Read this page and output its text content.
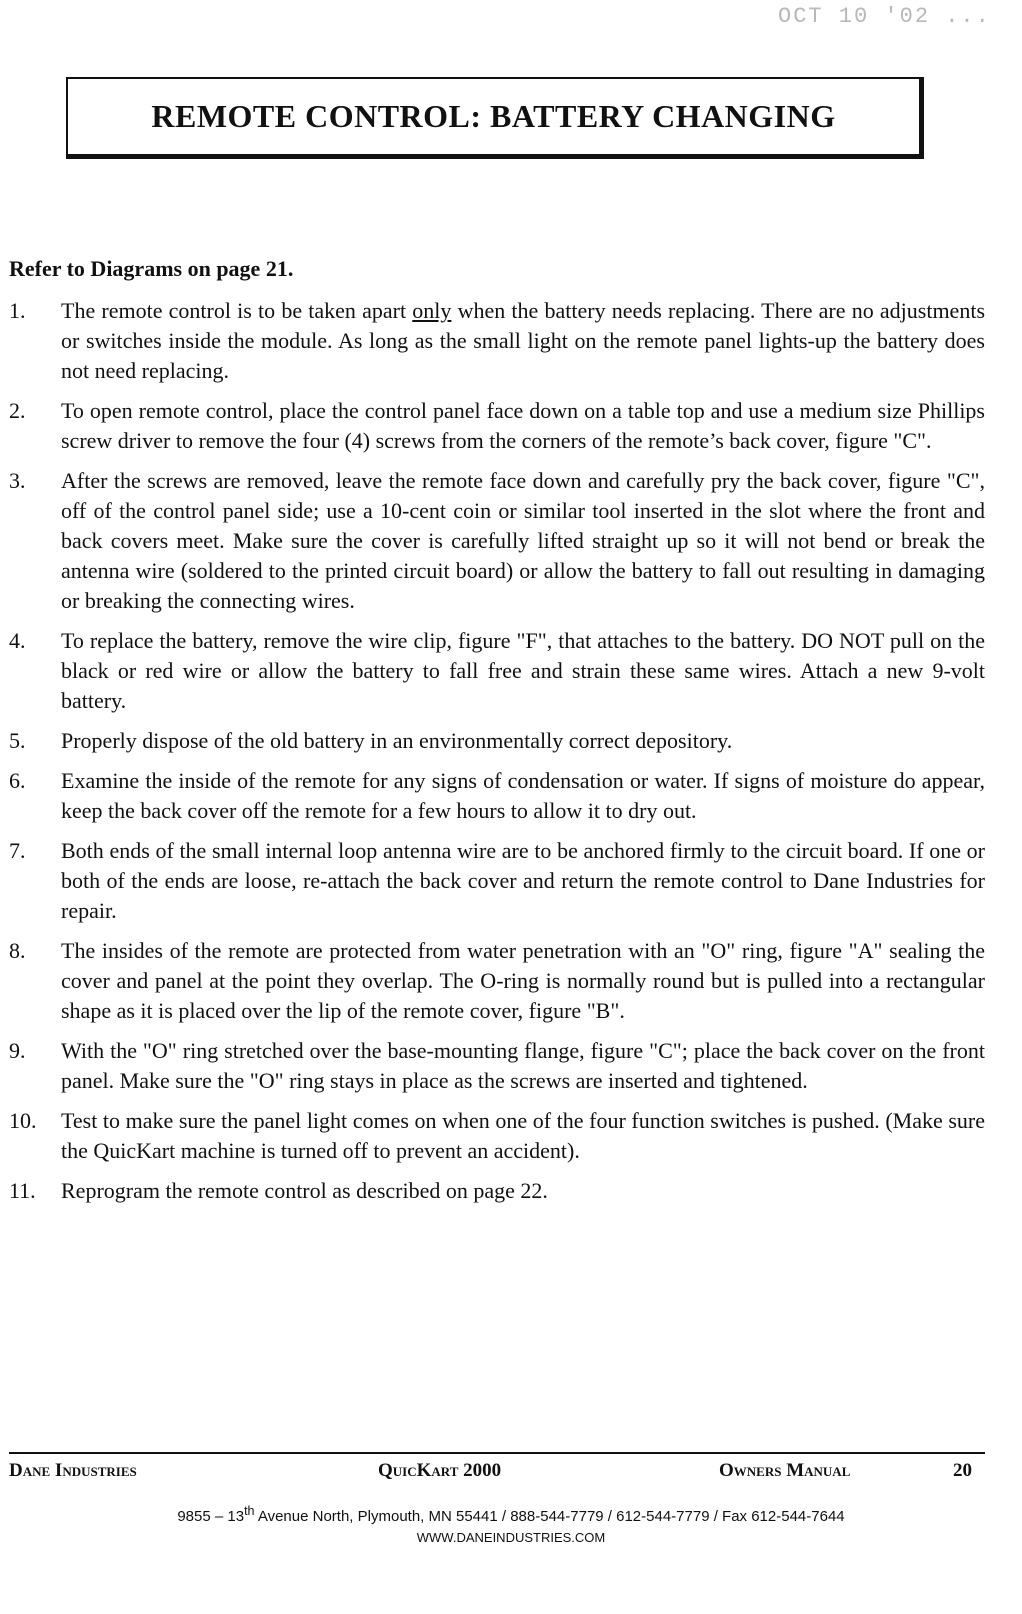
OCT 10 '02 ...
REMOTE CONTROL: BATTERY CHANGING
Refer to Diagrams on page 21.
1.	The remote control is to be taken apart only when the battery needs replacing. There are no adjustments or switches inside the module. As long as the small light on the remote panel lights-up the battery does not need replacing.
2.	To open remote control, place the control panel face down on a table top and use a medium size Phillips screw driver to remove the four (4) screws from the corners of the remote’s back cover, figure "C".
3.	After the screws are removed, leave the remote face down and carefully pry the back cover, figure "C", off of the control panel side; use a 10-cent coin or similar tool inserted in the slot where the front and back covers meet. Make sure the cover is carefully lifted straight up so it will not bend or break the antenna wire (soldered to the printed circuit board) or allow the battery to fall out resulting in damaging or breaking the connecting wires.
4.	To replace the battery, remove the wire clip, figure "F", that attaches to the battery. DO NOT pull on the black or red wire or allow the battery to fall free and strain these same wires. Attach a new 9-volt battery.
5.	Properly dispose of the old battery in an environmentally correct depository.
6.	Examine the inside of the remote for any signs of condensation or water. If signs of moisture do appear, keep the back cover off the remote for a few hours to allow it to dry out.
7.	Both ends of the small internal loop antenna wire are to be anchored firmly to the circuit board. If one or both of the ends are loose, re-attach the back cover and return the remote control to Dane Industries for repair.
8.	The insides of the remote are protected from water penetration with an "O" ring, figure "A" sealing the cover and panel at the point they overlap. The O-ring is normally round but is pulled into a rectangular shape as it is placed over the lip of the remote cover, figure "B".
9.	With the "O" ring stretched over the base-mounting flange, figure "C"; place the back cover on the front panel. Make sure the "O" ring stays in place as the screws are inserted and tightened.
10.	Test to make sure the panel light comes on when one of the four function switches is pushed. (Make sure the QuicKart machine is turned off to prevent an accident).
11.	Reprogram the remote control as described on page 22.
Dane Industries	QuicKart 2000	Owners Manual	20
9855 – 13th Avenue North, Plymouth, MN 55441 / 888-544-7779 / 612-544-7779 / Fax 612-544-7644
WWW.DANEINDUSTRIES.COM
